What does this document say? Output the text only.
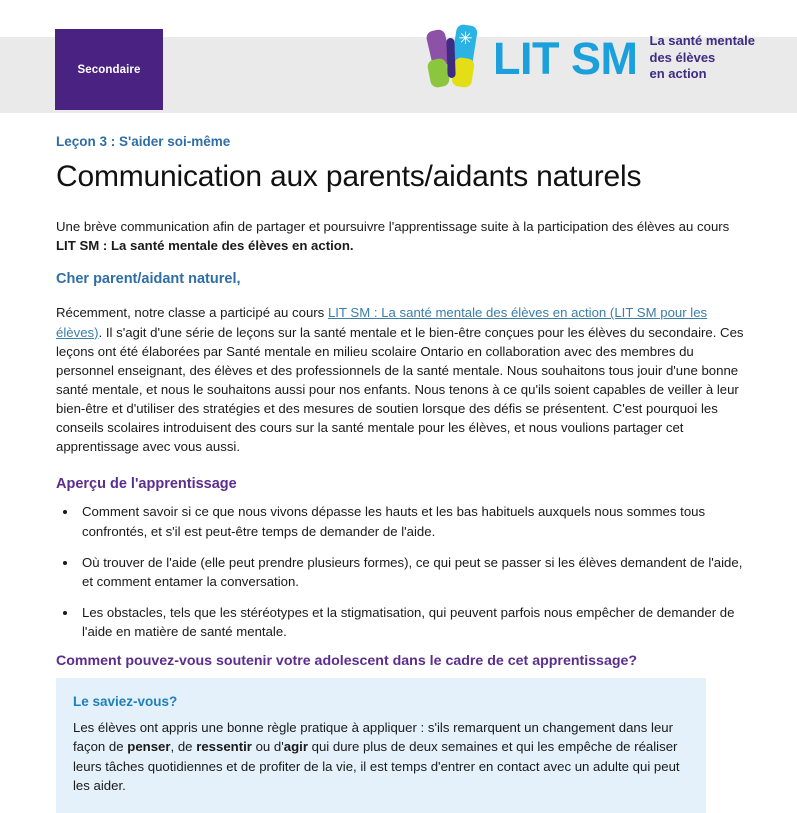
Secondaire
✳ LIT SM La santé mentale
des élèves
en action
Leçon 3 : S'aider soi-même
Communication aux parents/aidants naturels

Une brève communication afin de partager et poursuivre l'apprentissage suite à la participation des élèves au cours LIT SM : La santé mentale des élèves en action.

Cher parent/aidant naturel,

Récemment, notre classe a participé au cours LIT SM : La santé mentale des élèves en action (LIT SM pour les élèves). Il s'agit d'une série de leçons sur la santé mentale et le bien-être conçues pour les élèves du secondaire. Ces leçons ont été élaborées par Santé mentale en milieu scolaire Ontario en collaboration avec des membres du personnel enseignant, des élèves et des professionnels de la santé mentale. Nous souhaitons tous jouir d'une bonne santé mentale, et nous le souhaitons aussi pour nos enfants. Nous tenons à ce qu'ils soient capables de veiller à leur bien-être et d'utiliser des stratégies et des mesures de soutien lorsque des défis se présentent. C'est pourquoi les conseils scolaires introduisent des cours sur la santé mentale pour les élèves, et nous voulions partager cet apprentissage avec vous aussi.

Aperçu de l'apprentissage
• Comment savoir si ce que nous vivons dépasse les hauts et les bas habituels auxquels nous sommes tous confrontés, et s'il est peut-être temps de demander de l'aide.
• Où trouver de l'aide (elle peut prendre plusieurs formes), ce qui peut se passer si les élèves demandent de l'aide, et comment entamer la conversation.
• Les obstacles, tels que les stéréotypes et la stigmatisation, qui peuvent parfois nous empêcher de demander de l'aide en matière de santé mentale.
Comment pouvez-vous soutenir votre adolescent dans le cadre de cet apprentissage?
Le saviez-vous?

Les élèves ont appris une bonne règle pratique à appliquer : s'ils remarquent un changement dans leur façon de penser, de ressentir ou d'agir qui dure plus de deux semaines et qui les empêche de réaliser leurs tâches quotidiennes et de profiter de la vie, il est temps d'entrer en contact avec un adulte qui peut les aider.
